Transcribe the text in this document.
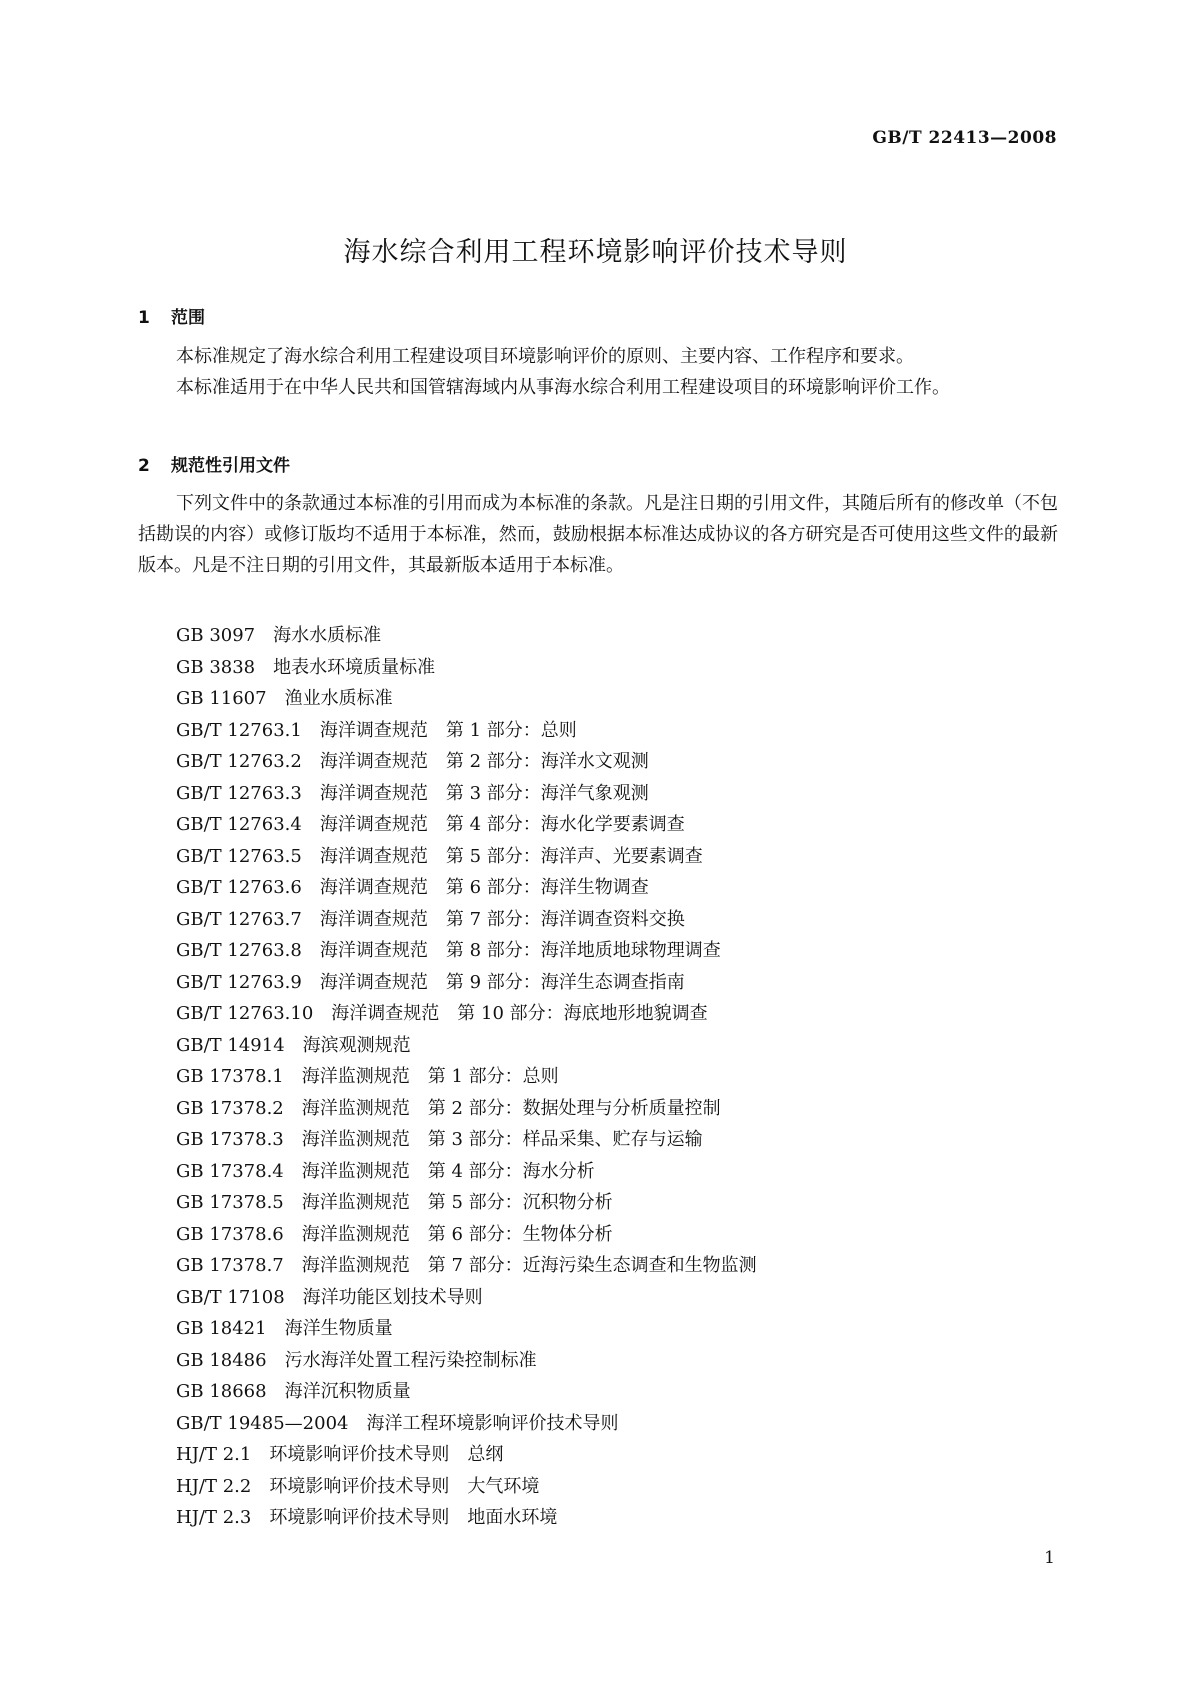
GB/T 22413—2008
海水综合利用工程环境影响评价技术导则
1 范围

本标准规定了海水综合利用工程建设项目环境影响评价的原则、主要内容、工作程序和要求。

本标准适用于在中华人民共和国管辖海域内从事海水综合利用工程建设项目的环境影响评价工作。

2 规范性引用文件

下列文件中的条款通过本标准的引用而成为本标准的条款。凡是注日期的引用文件，其随后所有的修改单（不包括勘误的内容）或修订版均不适用于本标准，然而，鼓励根据本标准达成协议的各方研究是否可使用这些文件的最新版本。凡是不注日期的引用文件，其最新版本适用于本标准。

GB 3097 海水水质标准
GB 3838 地表水环境质量标准
GB 11607 渔业水质标准
GB/T 12763.1 海洋调查规范 第 1 部分：总则
GB/T 12763.2 海洋调查规范 第 2 部分：海洋水文观测
GB/T 12763.3 海洋调查规范 第 3 部分：海洋气象观测
GB/T 12763.4 海洋调查规范 第 4 部分：海水化学要素调查
GB/T 12763.5 海洋调查规范 第 5 部分：海洋声、光要素调查
GB/T 12763.6 海洋调查规范 第 6 部分：海洋生物调查
GB/T 12763.7 海洋调查规范 第 7 部分：海洋调查资料交换
GB/T 12763.8 海洋调查规范 第 8 部分：海洋地质地球物理调查
GB/T 12763.9 海洋调查规范 第 9 部分：海洋生态调查指南
GB/T 12763.10 海洋调查规范 第 10 部分：海底地形地貌调查
GB/T 14914 海滨观测规范
GB 17378.1 海洋监测规范 第 1 部分：总则
GB 17378.2 海洋监测规范 第 2 部分：数据处理与分析质量控制
GB 17378.3 海洋监测规范 第 3 部分：样品采集、贮存与运输
GB 17378.4 海洋监测规范 第 4 部分：海水分析
GB 17378.5 海洋监测规范 第 5 部分：沉积物分析
GB 17378.6 海洋监测规范 第 6 部分：生物体分析
GB 17378.7 海洋监测规范 第 7 部分：近海污染生态调查和生物监测
GB/T 17108 海洋功能区划技术导则
GB 18421 海洋生物质量
GB 18486 污水海洋处置工程污染控制标准
GB 18668 海洋沉积物质量
GB/T 19485—2004 海洋工程环境影响评价技术导则
HJ/T 2.1 环境影响评价技术导则 总纲
HJ/T 2.2 环境影响评价技术导则 大气环境
HJ/T 2.3 环境影响评价技术导则 地面水环境
1
